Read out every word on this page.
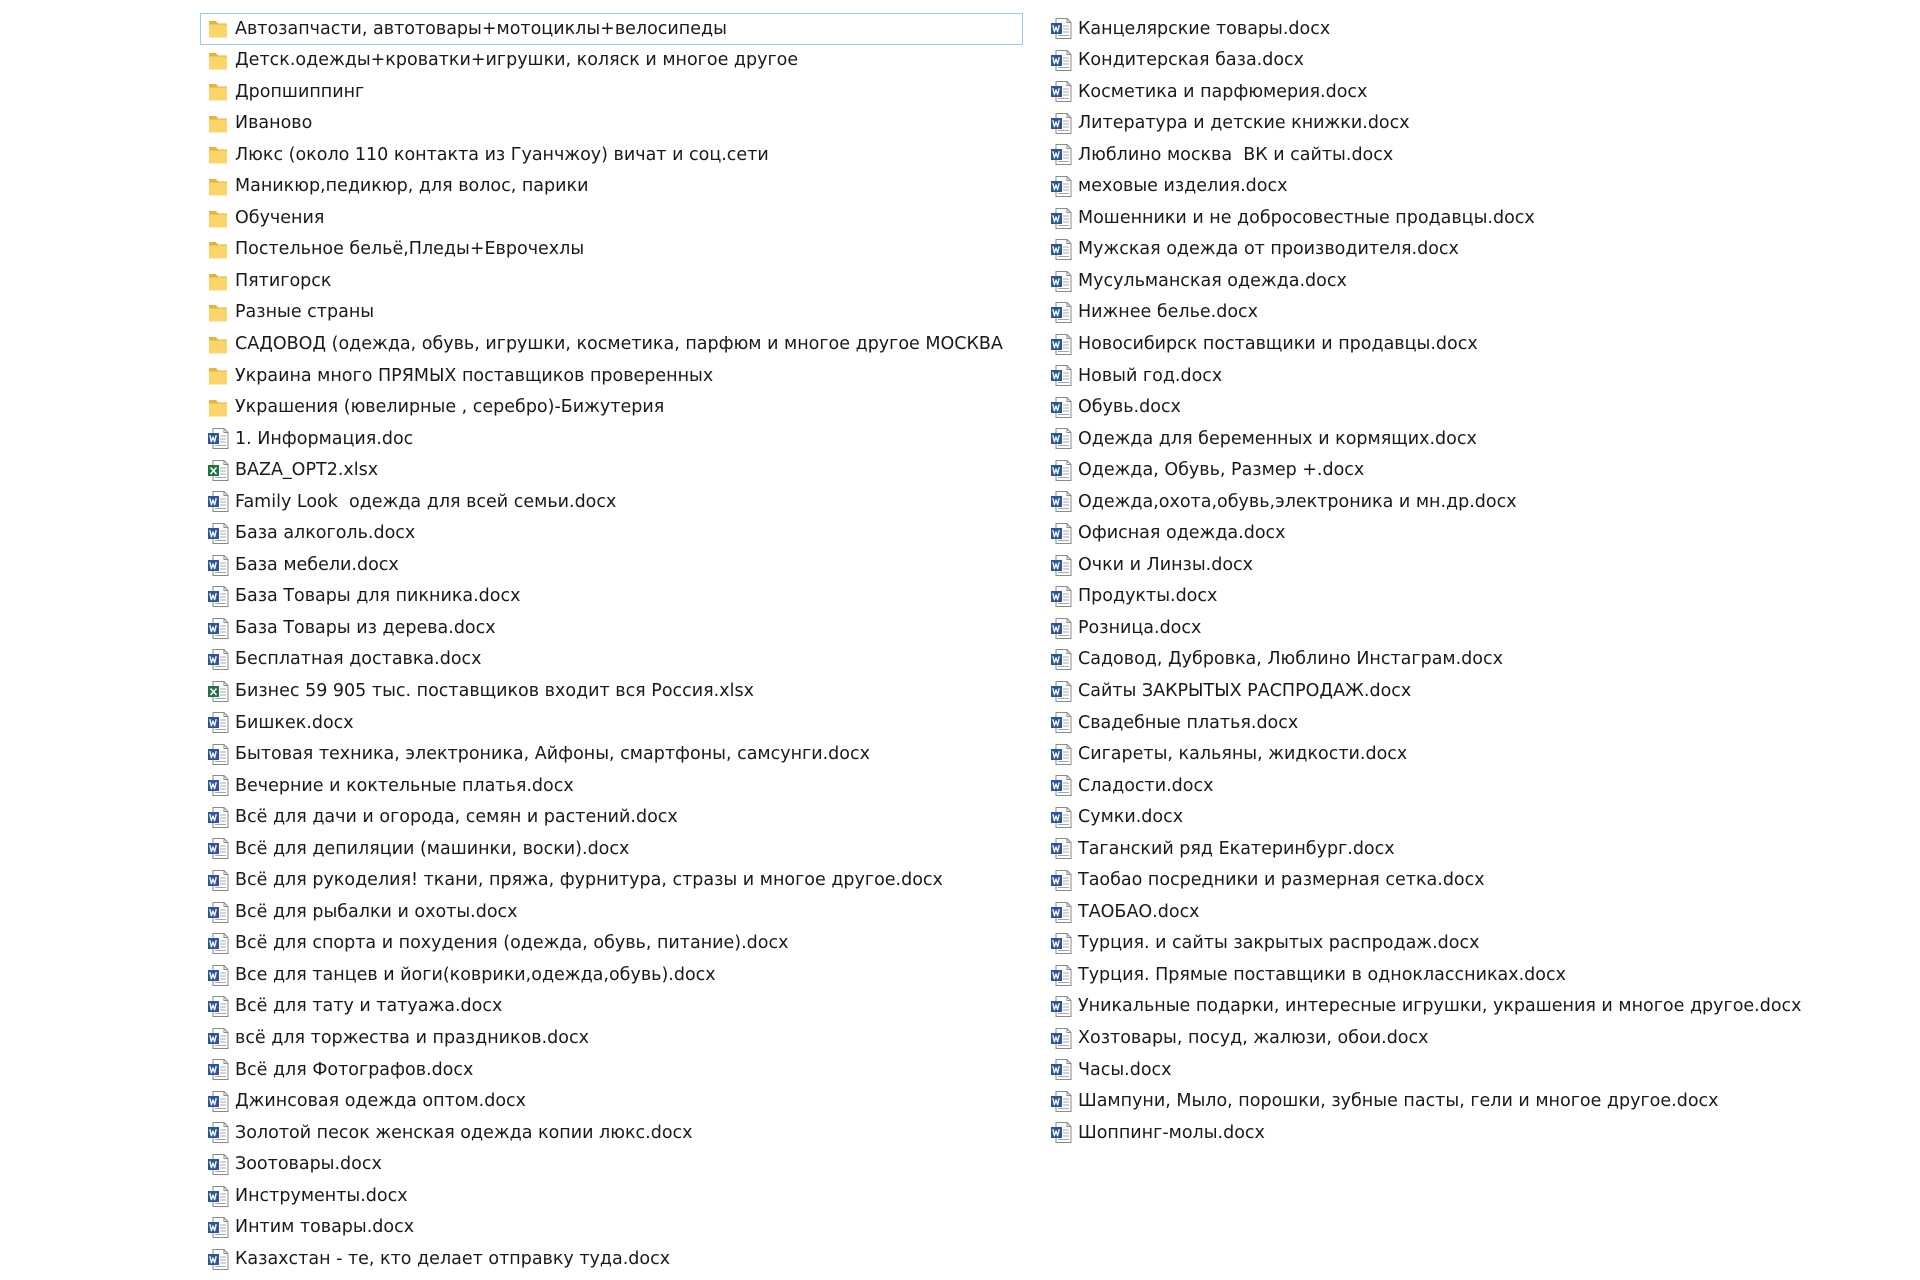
Автозапчасти, автотовары+мотоциклы+велосипеды
Детск.одежды+кроватки+игрушки, коляск и многое другое
Дропшиппинг
Иваново
Люкс (около 110 контакта из Гуанчжоу) вичат и соц.сети
Маникюр,педикюр, для волос, парики
Обучения
Постельное бельё,Пледы+Еврочехлы
Пятигорск
Разные страны
САДОВОД (одежда, обувь, игрушки, косметика, парфюм и многое другое МОСКВА
Украина много ПРЯМЫХ поставщиков проверенных
Украшения (ювелирные , серебро)-Бижутерия
1. Информация.doc
BAZA_OPT2.xlsx
Family Look  одежда для всей семьи.docx
База алкоголь.docx
База мебели.docx
База Товары для пикника.docx
База Товары из дерева.docx
Бесплатная доставка.docx
Бизнес 59 905 тыс. поставщиков входит вся Россия.xlsx
Бишкек.docx
Бытовая техника, электроника, Айфоны, смартфоны, самсунги.docx
Вечерние и коктельные платья.docx
Всё для дачи и огорода, семян и растений.docx
Всё для депиляции (машинки, воски).docx
Всё для рукоделия! ткани, пряжа, фурнитура, стразы и многое другое.docx
Всё для рыбалки и охоты.docx
Всё для спорта и похудения (одежда, обувь, питание).docx
Все для танцев и йоги(коврики,одежда,обувь).docx
Всё для тату и татуажа.docx
всё для торжества и праздников.docx
Всё для Фотографов.docx
Джинсовая одежда оптом.docx
Золотой песок женская одежда копии люкс.docx
Зоотовары.docx
Инструменты.docx
Интим товары.docx
Казахстан - те, кто делает отправку туда.docx
Канцелярские товары.docx
Кондитерская база.docx
Косметика и парфюмерия.docx
Литература и детские книжки.docx
Люблино москва  ВК и сайты.docx
меховые изделия.docx
Мошенники и не добросовестные продавцы.docx
Мужская одежда от производителя.docx
Мусульманская одежда.docx
Нижнее белье.docx
Новосибирск поставщики и продавцы.docx
Новый год.docx
Обувь.docx
Одежда для беременных и кормящих.docx
Одежда, Обувь, Размер +.docx
Одежда,охота,обувь,электроника и мн.др.docx
Офисная одежда.docx
Очки и Линзы.docx
Продукты.docx
Розница.docx
Садовод, Дубровка, Люблино Инстаграм.docx
Сайты ЗАКРЫТЫХ РАСПРОДАЖ.docx
Свадебные платья.docx
Сигареты, кальяны, жидкости.docx
Сладости.docx
Сумки.docx
Таганский ряд Екатеринбург.docx
Таобао посредники и размерная сетка.docx
ТАОБАО.docx
Турция. и сайты закрытых распродаж.docx
Турция. Прямые поставщики в одноклассниках.docx
Уникальные подарки, интересные игрушки, украшения и многое другое.docx
Хозтовары, посуд, жалюзи, обои.docx
Часы.docx
Шампуни, Мыло, порошки, зубные пасты, гели и многое другое.docx
Шоппинг-молы.docx
